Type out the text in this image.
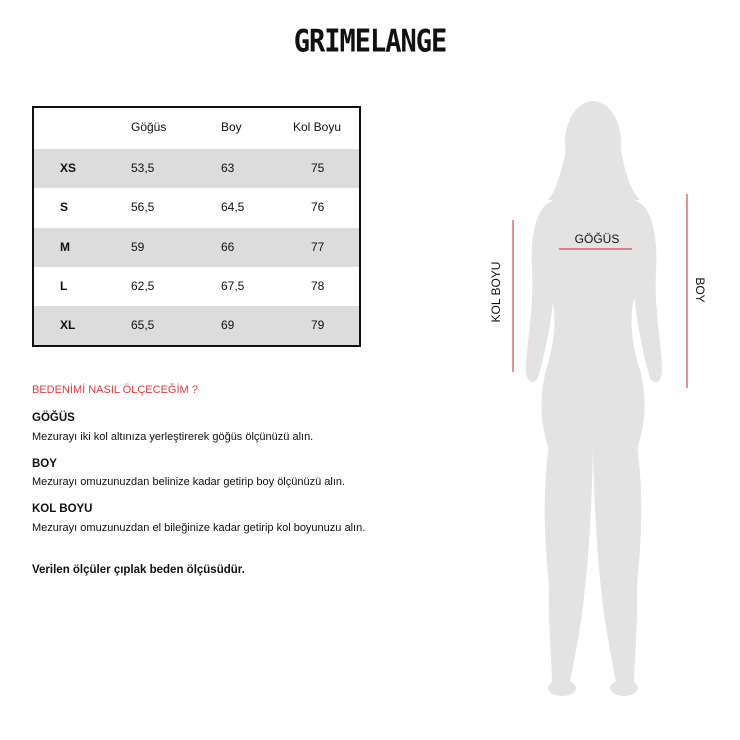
GRIMELANGE
Göğüs	Boy	Kol Boyu
XS	53,5	63	75
S	56,5	64,5	76
M	59	66	77
L	62,5	67,5	78
XL	65,5	69	79
BEDENİMİ NASIL ÖLÇECEĞİM ?
GÖĞÜS
Mezurayı iki kol altınıza yerleştirerek göğüs ölçünüzü alın.
BOY
Mezurayı omuzunuzdan belinize kadar getirip boy ölçünüzü alın.
KOL BOYU
Mezurayı omuzunuzdan el bileğinize kadar getirip kol boyunuzu alın.
Verilen ölçüler çıplak beden ölçüsüdür.
GÖĞÜS
KOL BOYU	BOY
